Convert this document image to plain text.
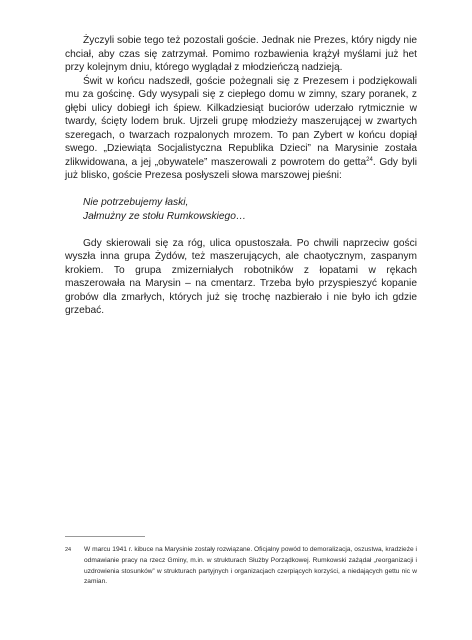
Życzyli sobie tego też pozostali goście. Jednak nie Prezes, który nigdy nie chciał, aby czas się zatrzymał. Pomimo rozbawienia krążył myślami już het przy kolejnym dniu, którego wyglądał z młodzieńczą nadzieją.

Świt w końcu nadszedł, goście pożegnali się z Prezesem i podziękowali mu za gościnę. Gdy wysypali się z ciepłego domu w zimny, szary poranek, z głębi ulicy dobiegł ich śpiew. Kilkadziesiąt buciorów uderzało rytmicznie w twardy, ścięty lodem bruk. Ujrzeli grupę młodzieży maszerującej w zwartych szeregach, o twarzach rozpalonych mrozem. To pan Zybert w końcu dopiął swego. „Dziewiąta Socjalistyczna Republika Dzieci” na Marysinie została zlikwidowana, a jej „obywatele” maszerowali z powrotem do getta$^{24}$. Gdy byli już blisko, goście Prezesa posłyszeli słowa marszowej pieśni:

Nie potrzebujemy łaski,
Jałmużny ze stołu Rumkowskiego…

Gdy skierowali się za róg, ulica opustoszała. Po chwili naprzeciw gości wyszła inna grupa Żydów, też maszerujących, ale chaotycznym, zaspanym krokiem. To grupa zmizerniałych robotników z łopatami w rękach maszerowała na Marysin – na cmentarz. Trzeba było przyspieszyć kopanie grobów dla zmarłych, których już się trochę nazbierało i nie było ich gdzie grzebać.

24 W marcu 1941 r. kibuce na Marysinie zostały rozwiązane. Oficjalny powód to demoralizacja, oszustwa, kradzieże i odmawianie pracy na rzecz Gminy, m.in. w strukturach Służby Porządkowej. Rumkowski zażądał „reorganizacji i uzdrowienia stosunków” w strukturach partyjnych i organizacjach czerpiących korzyści, a niedających gettu nic w zamian.
